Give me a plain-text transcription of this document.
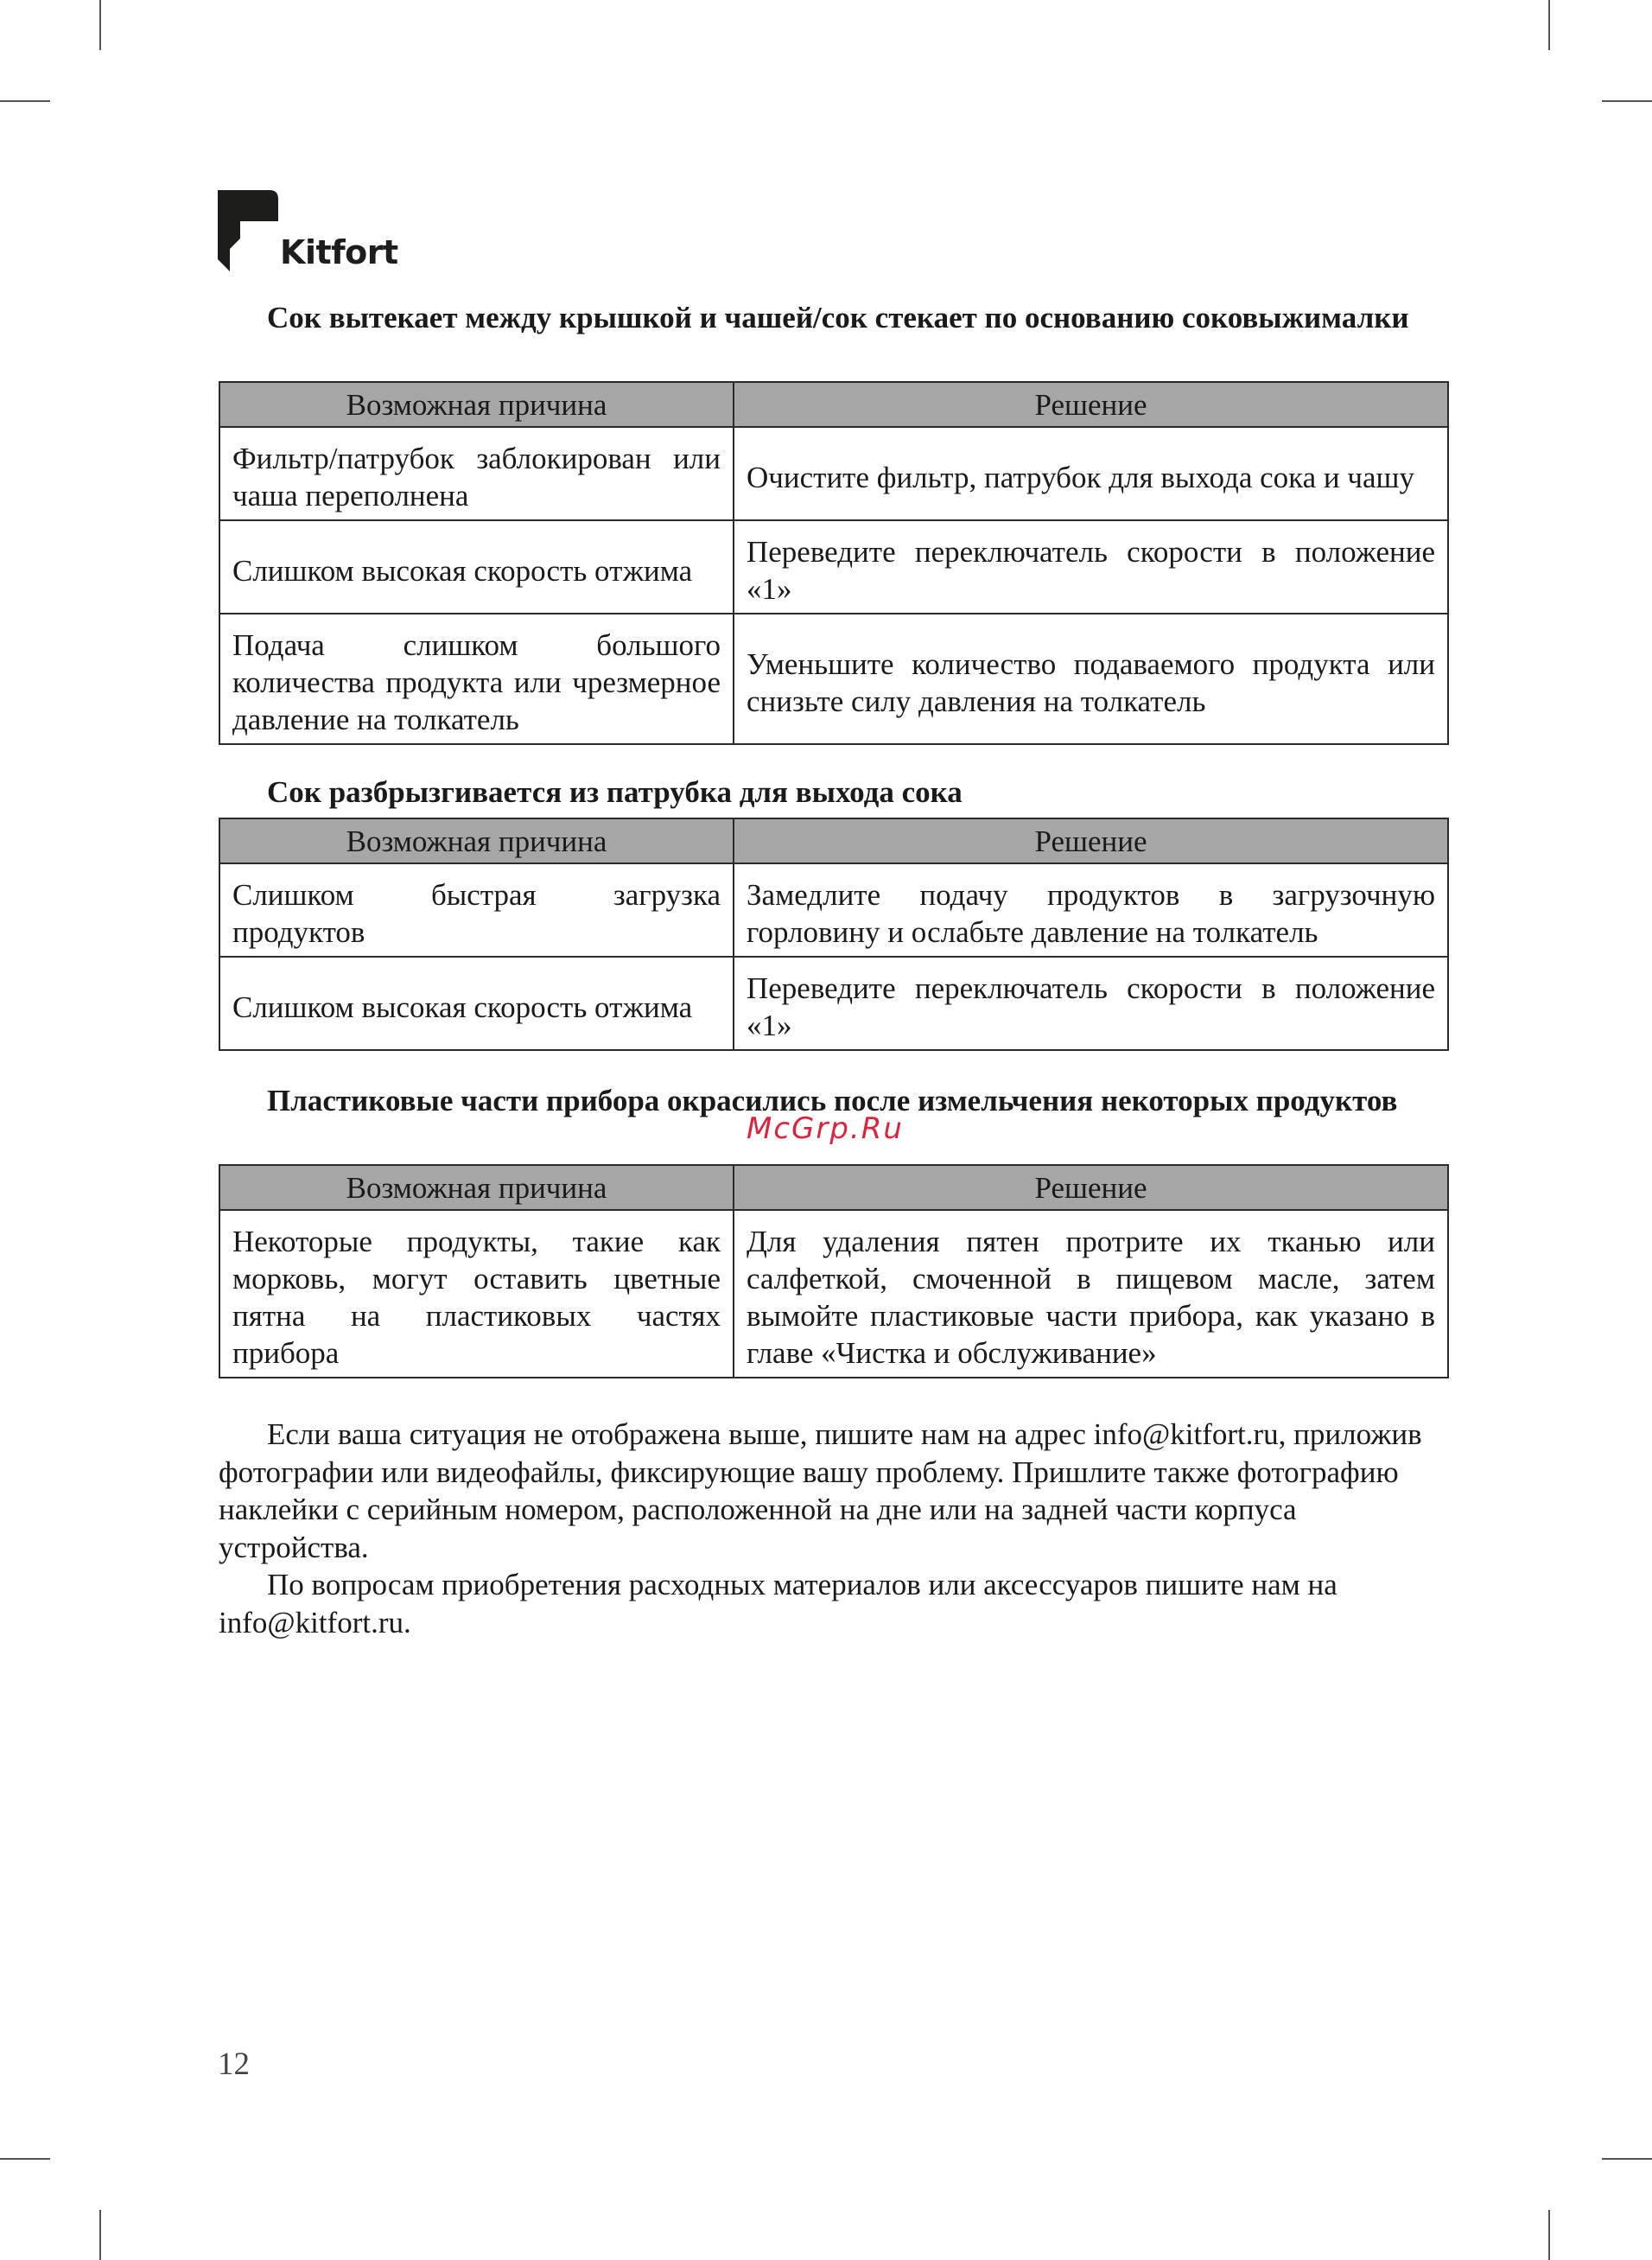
Kitfort
Сок вытекает между крышкой и чашей/сок стекает по основанию соковыжималки
Возможная причина	Решение
Фильтр/патрубок заблокирован или чаша переполнена	Очистите фильтр, патрубок для выхода сока и чашу
Слишком высокая скорость отжима	Переведите переключатель скорости в положение «1»
Подача слишком большого количества продукта или чрезмерное давление на толкатель	Уменьшите количество подаваемого продукта или снизьте силу давления на толкатель
Сок разбрызгивается из патрубка для выхода сока
Возможная причина	Решение
Слишком быстрая загрузка продуктов	Замедлите подачу продуктов в загрузочную горловину и ослабьте давление на толкатель
Слишком высокая скорость отжима	Переведите переключатель скорости в положение «1»
Пластиковые части прибора окрасились после измельчения некоторых продуктов
Возможная причина	Решение
Некоторые продукты, такие как морковь, могут оставить цветные пятна на пластиковых частях прибора	Для удаления пятен протрите их тканью или салфеткой, смоченной в пищевом масле, затем вымойте пластиковые части прибора, как указано в главе «Чистка и обслуживание»
McGrp.Ru

Если ваша ситуация не отображена выше, пишите нам на адрес info@kitfort.ru, приложив фотографии или видеофайлы, фиксирующие вашу проблему. Пришлите также фотографию наклейки с серийным номером, расположенной на дне или на задней части корпуса устройства.

По вопросам приобретения расходных материалов или аксессуаров пишите нам на info@kitfort.ru.

12
